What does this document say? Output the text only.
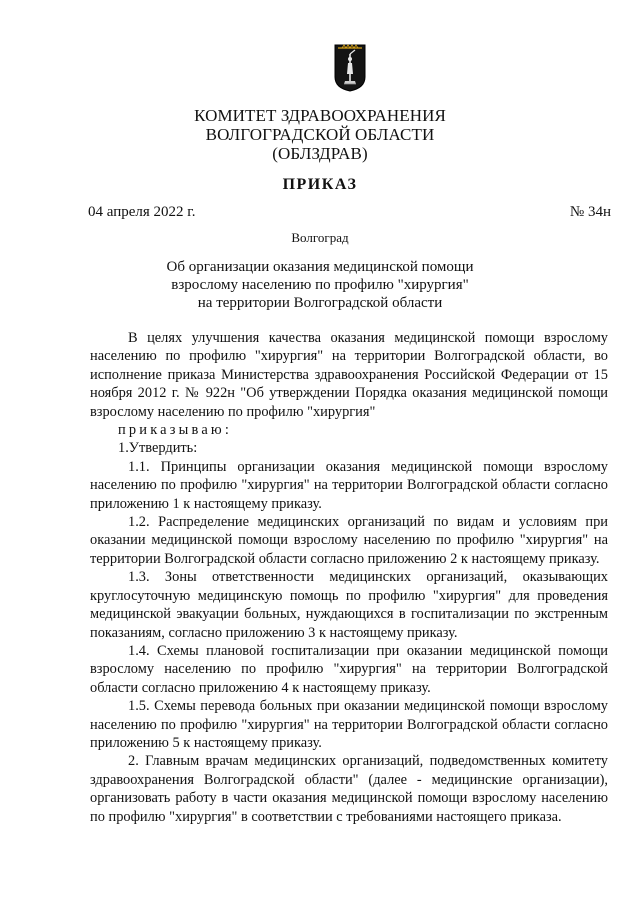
КОМИТЕТ ЗДРАВООХРАНЕНИЯ
ВОЛГОГРАДСКОЙ ОБЛАСТИ
(ОБЛЗДРАВ)
ПРИКАЗ
04 апреля 2022 г.	№ 34н
Волгоград
Об организации оказания медицинской помощи
взрослому населению по профилю "хирургия"
на территории Волгоградской области

В целях улучшения качества оказания медицинской помощи взрослому населению по профилю "хирургия" на территории Волгоградской области, во исполнение приказа Министерства здравоохранения Российской Федерации от 15 ноября 2012 г. № 922н "Об утверждении Порядка оказания медицинской помощи взрослому населению по профилю "хирургия"

приказываю:

1.Утвердить:

1.1. Принципы организации оказания медицинской помощи взрослому населению по профилю "хирургия" на территории Волгоградской области согласно приложению 1 к настоящему приказу.

1.2. Распределение медицинских организаций по видам и условиям при оказании медицинской помощи взрослому населению по профилю "хирургия" на территории Волгоградской области согласно приложению 2 к настоящему приказу.

1.3. Зоны ответственности медицинских организаций, оказывающих круглосуточную медицинскую помощь по профилю "хирургия" для проведения медицинской эвакуации больных, нуждающихся в госпитализации по экстренным показаниям, согласно приложению 3 к настоящему приказу.

1.4. Схемы плановой госпитализации при оказании медицинской помощи взрослому населению по профилю "хирургия" на территории Волгоградской области согласно приложению 4 к настоящему приказу.

1.5. Схемы перевода больных при оказании медицинской помощи взрослому населению по профилю "хирургия" на территории Волгоградской области согласно приложению 5 к настоящему приказу.

2. Главным врачам медицинских организаций, подведомственных комитету здравоохранения Волгоградской области" (далее - медицинские организации), организовать работу в части оказания медицинской помощи взрослому населению по профилю "хирургия" в соответствии с требованиями настоящего приказа.
